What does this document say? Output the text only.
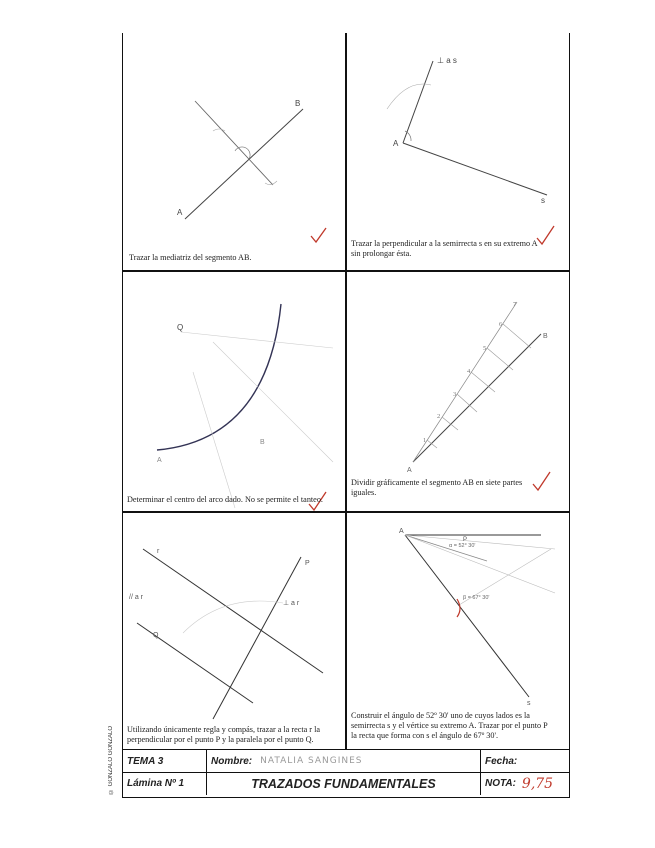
© GONZALO GONZALO
A
B
Trazar la mediatriz del segmento AB.
A
s
⊥ a s
Trazar la perpendicular a la semirrecta s en su extremo A
sin prolongar ésta.
Q
B
A
Determinar el centro del arco dado. No se permite el tanteo.
A
B
1
2
3
4
5
6
7
Dividir gráficamente el segmento AB en siete partes
iguales.
r
Q
P
⊥ a r
// a r
Utilizando únicamente regla y compás, trazar a la recta r la
perpendicular por el punto P y la paralela por el punto Q.
A
s
P
α = 52° 30'
β = 67° 30'
Construir el ángulo de 52º 30' uno de cuyos lados es la
semirrecta s y el vértice su extremo A. Trazar por el punto P
la recta que forma con s el ángulo de 67º 30'.
TEMA 3	Nombre: NATALIA SANGINES	Fecha:
Lámina Nº 1	TRAZADOS FUNDAMENTALES	NOTA: 9,75
